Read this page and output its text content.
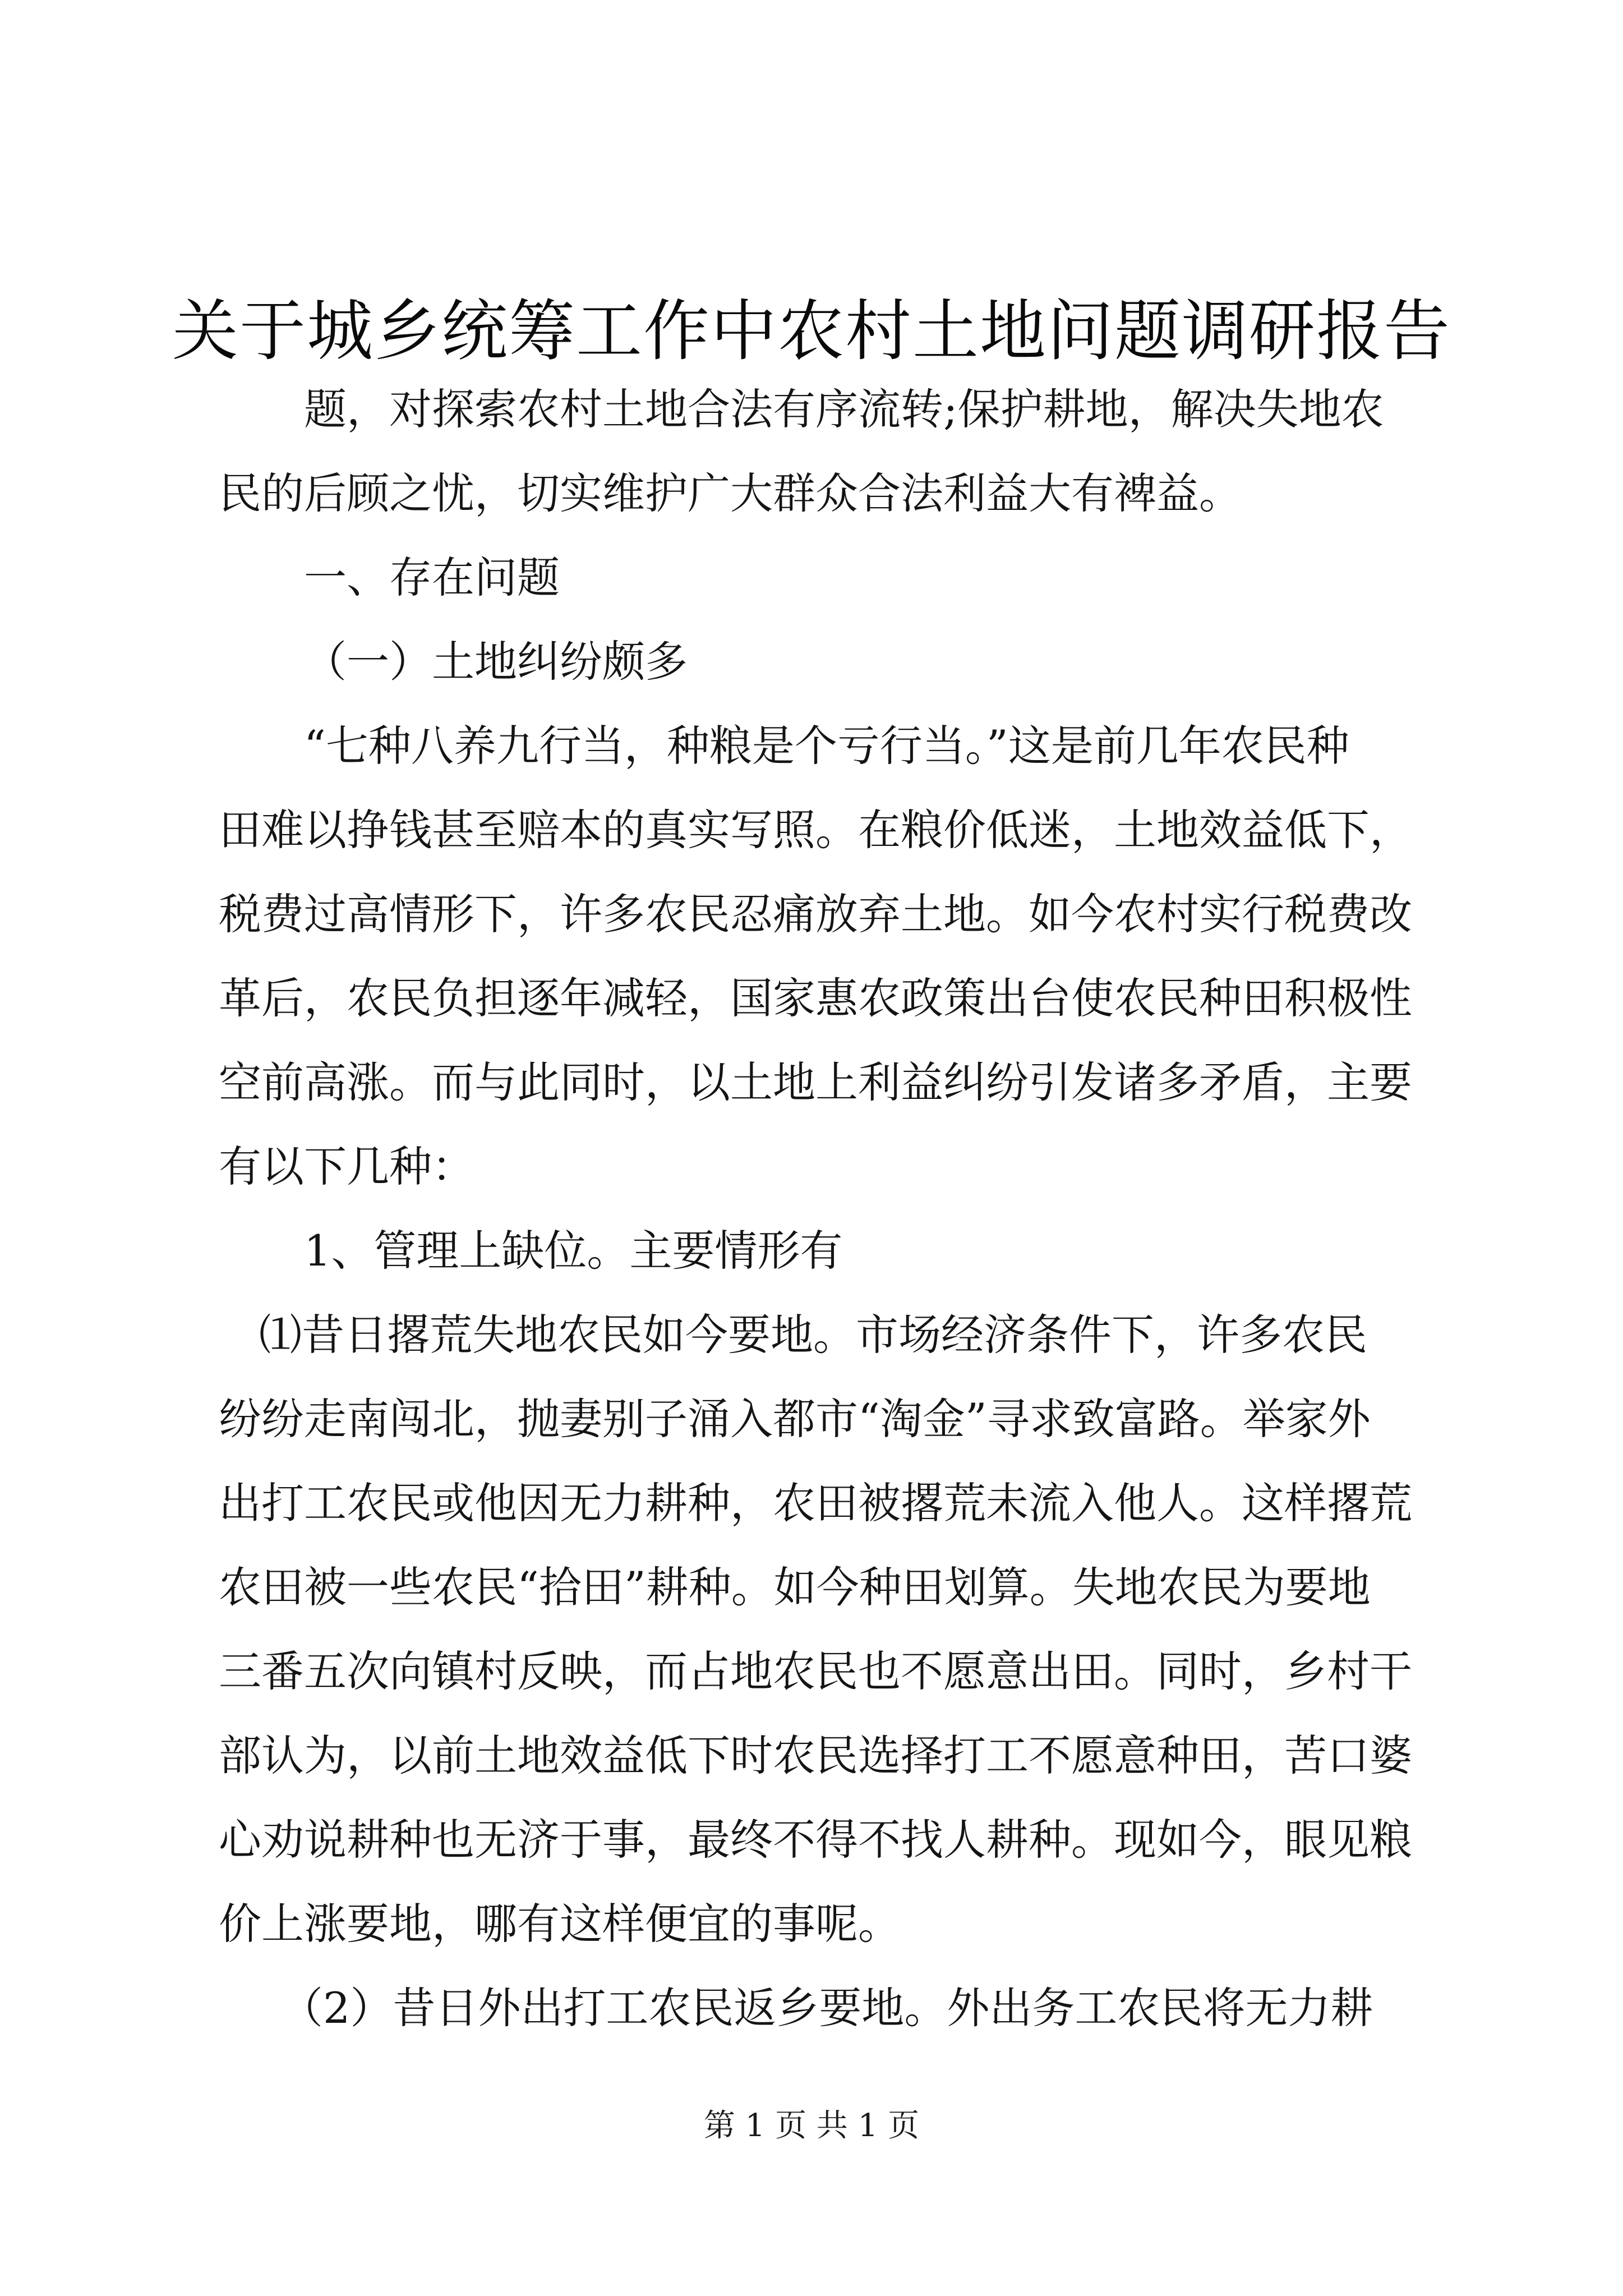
关于城乡统筹工作中农村土地问题调研报告
题，对探索农村土地合法有序流转;保护耕地，解决失地农
民的后顾之忧，切实维护广大群众合法利益大有裨益。
一、存在问题
（一）土地纠纷颇多
“七种八养九行当，种粮是个亏行当。”这是前几年农民种
田难以挣钱甚至赔本的真实写照。在粮价低迷，土地效益低下，
税费过高情形下，许多农民忍痛放弃土地。如今农村实行税费改
革后，农民负担逐年减轻，国家惠农政策出台使农民种田积极性
空前高涨。而与此同时，以土地上利益纠纷引发诸多矛盾，主要
有以下几种：
1、管理上缺位。主要情形有
⑴昔日撂荒失地农民如今要地。市场经济条件下，许多农民
纷纷走南闯北，抛妻别子涌入都市“淘金”寻求致富路。举家外
出打工农民或他因无力耕种，农田被撂荒未流入他人。这样撂荒
农田被一些农民“拾田”耕种。如今种田划算。失地农民为要地
三番五次向镇村反映，而占地农民也不愿意出田。同时，乡村干
部认为，以前土地效益低下时农民选择打工不愿意种田，苦口婆
心劝说耕种也无济于事，最终不得不找人耕种。现如今，眼见粮
价上涨要地，哪有这样便宜的事呢。
（2）昔日外出打工农民返乡要地。外出务工农民将无力耕
第 1 页 共 1 页
